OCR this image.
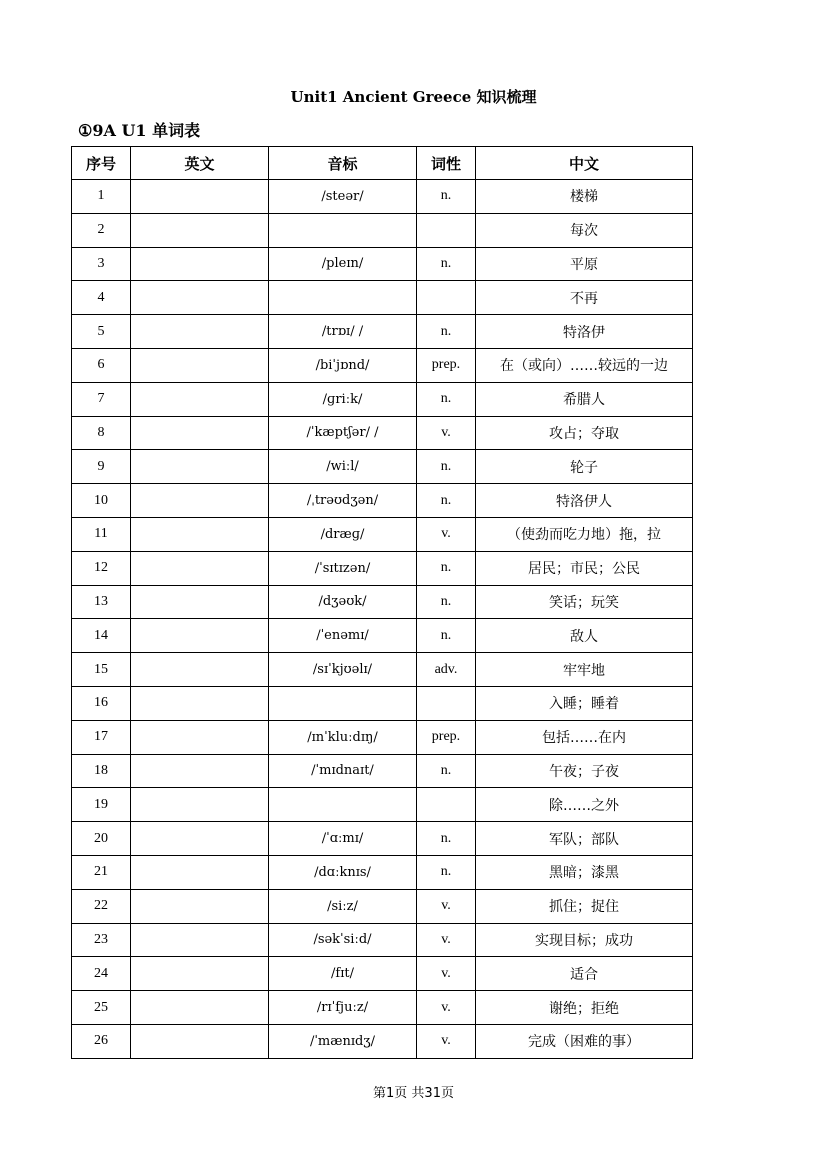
Unit1 Ancient Greece 知识梳理
①9A U1 单词表
序号	英文	音标	词性	中文
1		/steər/	n.	楼梯
2				每次
3		/pleɪn/	n.	平原
4				不再
5		/trɒɪ/ /	n.	特洛伊
6		/biˈjɒnd/	prep.	在（或向）……较远的一边
7		/ɡriːk/	n.	希腊人
8		/ˈkæptʃər/ /	v.	攻占；夺取
9		/wiːl/	n.	轮子
10		/ˌtrəʊdʒən/	n.	特洛伊人
11		/dræɡ/	v.	（使劲而吃力地）拖，拉
12		/ˈsɪtɪzən/	n.	居民；市民；公民
13		/dʒəʊk/	n.	笑话；玩笑
14		/ˈenəmɪ/	n.	敌人
15		/sɪˈkjʊəlɪ/	adv.	牢牢地
16				入睡；睡着
17		/ɪnˈkluːdɪŋ/	prep.	包括……在内
18		/ˈmɪdnaɪt/	n.	午夜；子夜
19				除……之外
20		/ˈɑːmɪ/	n.	军队；部队
21		/dɑːknɪs/	n.	黑暗；漆黑
22		/siːz/	v.	抓住；捉住
23		/səkˈsiːd/	v.	实现目标；成功
24		/fɪt/	v.	适合
25		/rɪˈfjuːz/	v.	谢绝；拒绝
26		/ˈmænɪdʒ/	v.	完成（困难的事）
第1页 共31页
